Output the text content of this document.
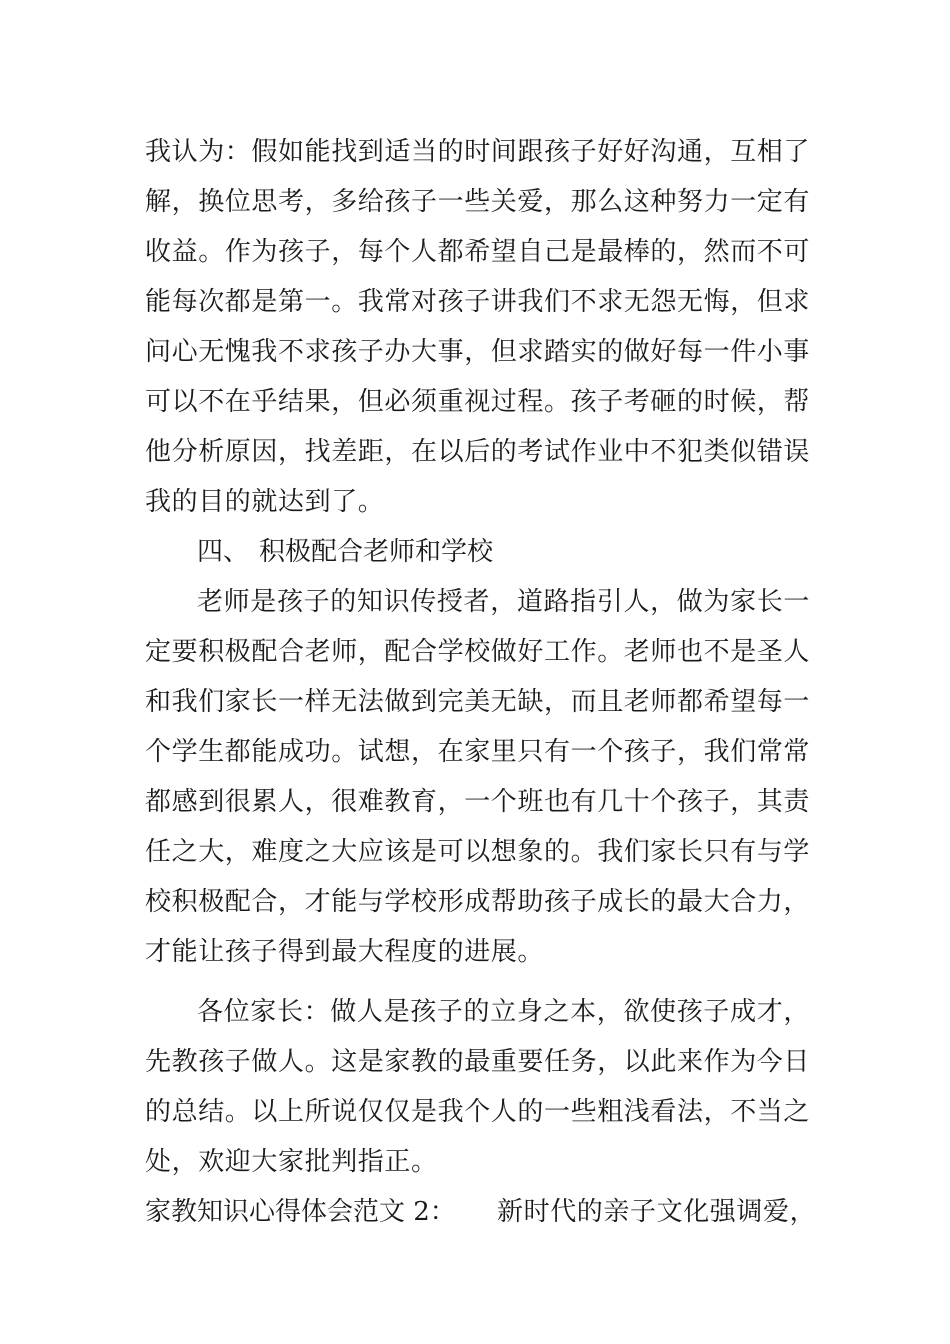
我认为：假如能找到适当的时间跟孩子好好沟通，互相了
解，换位思考，多给孩子一些关爱，那么这种努力一定有
收益。作为孩子，每个人都希望自己是最棒的，然而不可
能每次都是第一。我常对孩子讲我们不求无怨无悔，但求
问心无愧我不求孩子办大事，但求踏实的做好每一件小事
可以不在乎结果，但必须重视过程。孩子考砸的时候，帮
他分析原因，找差距，在以后的考试作业中不犯类似错误
我的目的就达到了。
四、 积极配合老师和学校
老师是孩子的知识传授者，道路指引人，做为家长一
定要积极配合老师，配合学校做好工作。老师也不是圣人
和我们家长一样无法做到完美无缺，而且老师都希望每一
个学生都能成功。试想，在家里只有一个孩子，我们常常
都感到很累人，很难教育，一个班也有几十个孩子，其责
任之大，难度之大应该是可以想象的。我们家长只有与学
校积极配合，才能与学校形成帮助孩子成长的最大合力，
才能让孩子得到最大程度的进展。
各位家长：做人是孩子的立身之本，欲使孩子成才，
先教孩子做人。这是家教的最重要任务，以此来作为今日
的总结。以上所说仅仅是我个人的一些粗浅看法，不当之
处，欢迎大家批判指正。
家教知识心得体会范文 2： 新时代的亲子文化强调爱，
